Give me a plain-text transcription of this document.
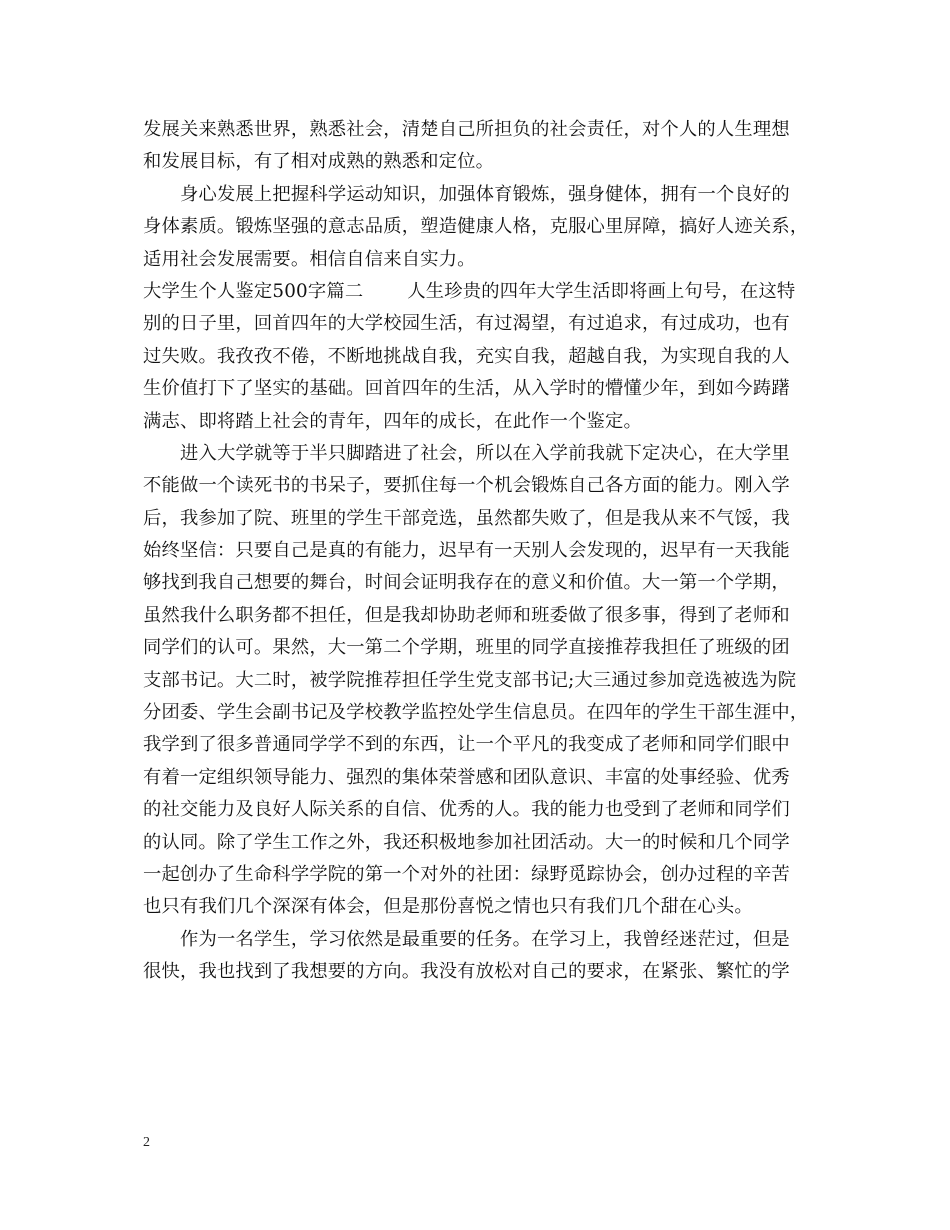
发展关来熟悉世界，熟悉社会，清楚自己所担负的社会责任，对个人的人生理想
和发展目标，有了相对成熟的熟悉和定位。
身心发展上把握科学运动知识，加强体育锻炼，强身健体，拥有一个良好的
身体素质。锻炼坚强的意志品质，塑造健康人格，克服心里屏障，搞好人迹关系，
适用社会发展需要。相信自信来自实力。
大学生个人鉴定500字篇二 人生珍贵的四年大学生活即将画上句号，在这特
别的日子里，回首四年的大学校园生活，有过渴望，有过追求，有过成功，也有
过失败。我孜孜不倦，不断地挑战自我，充实自我，超越自我，为实现自我的人
生价值打下了坚实的基础。回首四年的生活，从入学时的懵懂少年，到如今踌躇
满志、即将踏上社会的青年，四年的成长，在此作一个鉴定。
进入大学就等于半只脚踏进了社会，所以在入学前我就下定决心，在大学里
不能做一个读死书的书呆子，要抓住每一个机会锻炼自己各方面的能力。刚入学
后，我参加了院、班里的学生干部竞选，虽然都失败了，但是我从来不气馁，我
始终坚信：只要自己是真的有能力，迟早有一天别人会发现的，迟早有一天我能
够找到我自己想要的舞台，时间会证明我存在的意义和价值。大一第一个学期，
虽然我什么职务都不担任，但是我却协助老师和班委做了很多事，得到了老师和
同学们的认可。果然，大一第二个学期，班里的同学直接推荐我担任了班级的团
支部书记。大二时，被学院推荐担任学生党支部书记;大三通过参加竞选被选为院
分团委、学生会副书记及学校教学监控处学生信息员。在四年的学生干部生涯中，
我学到了很多普通同学学不到的东西，让一个平凡的我变成了老师和同学们眼中
有着一定组织领导能力、强烈的集体荣誉感和团队意识、丰富的处事经验、优秀
的社交能力及良好人际关系的自信、优秀的人。我的能力也受到了老师和同学们
的认同。除了学生工作之外，我还积极地参加社团活动。大一的时候和几个同学
一起创办了生命科学学院的第一个对外的社团：绿野觅踪协会，创办过程的辛苦
也只有我们几个深深有体会，但是那份喜悦之情也只有我们几个甜在心头。
作为一名学生，学习依然是最重要的任务。在学习上，我曾经迷茫过，但是
很快，我也找到了我想要的方向。我没有放松对自己的要求，在紧张、繁忙的学
2
